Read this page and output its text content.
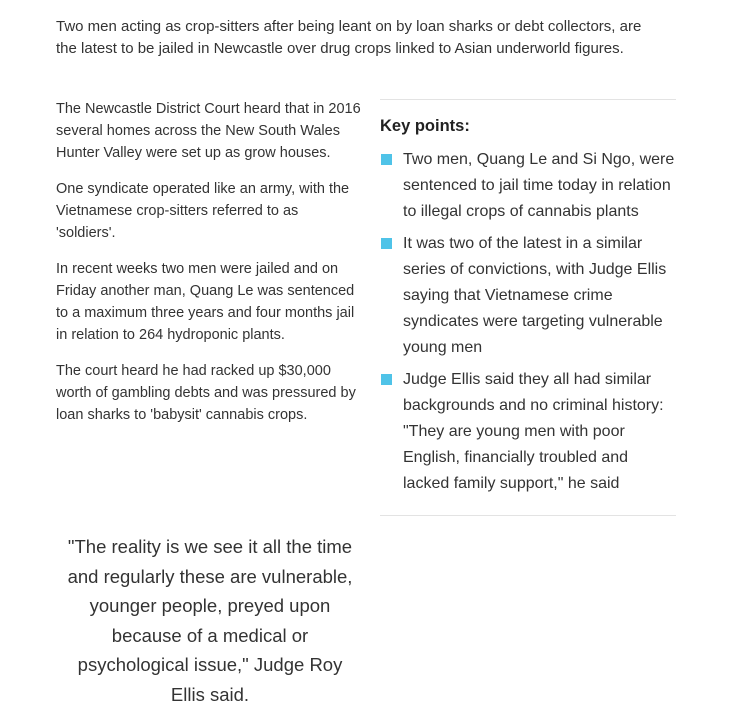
Two men acting as crop-sitters after being leant on by loan sharks or debt collectors, are the latest to be jailed in Newcastle over drug crops linked to Asian underworld figures.

The Newcastle District Court heard that in 2016 several homes across the New South Wales Hunter Valley were set up as grow houses.

One syndicate operated like an army, with the Vietnamese crop-sitters referred to as 'soldiers'.

In recent weeks two men were jailed and on Friday another man, Quang Le was sentenced to a maximum three years and four months jail in relation to 264 hydroponic plants.

The court heard he had racked up $30,000 worth of gambling debts and was pressured by loan sharks to 'babysit' cannabis crops.

"The reality is we see it all the time and regularly these are vulnerable, younger people, preyed upon because of a medical or psychological issue," Judge Roy Ellis said.

Key points:
Two men, Quang Le and Si Ngo, were sentenced to jail time today in relation to illegal crops of cannabis plants
It was two of the latest in a similar series of convictions, with Judge Ellis saying that Vietnamese crime syndicates were targeting vulnerable young men
Judge Ellis said they all had similar backgrounds and no criminal history: "They are young men with poor English, financially troubled and lacked family support," he said
